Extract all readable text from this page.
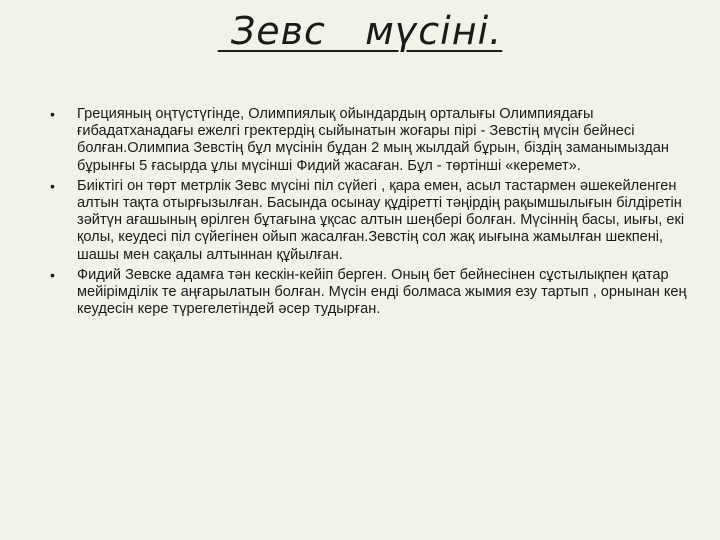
Зевс   мүсіні.
• Грецияның оңтүстүгінде, Олимпиялық ойындардың орталығы Олимпиядағы ғибадатханадағы ежелгі гректердің сыйынатын жоғары пірі - Зевстің мүсін бейнесі болған.Олимпиа Зевстің бұл мүсінін бұдан 2 мың жылдай бұрын, біздің заманымыздан бұрынғы 5 ғасырда ұлы мүсінші Фидий жасаған. Бұл - төртінші «керемет».
• Биіктігі он төрт метрлік Зевс мүсіні піл сүйегі , қара емен, асыл тастармен әшекейленген алтын тақта отырғызылған. Басында осынау құдіретті тәңірдің рақымшылығын білдіретін зәйтүн ағашының өрілген бұтағына ұқсас алтын шеңбері болған. Мүсіннің басы, иығы, екі қолы, кеудесі піл сүйегінен ойып жасалған.Зевстің сол жақ иығына жамылған шекпені, шашы мен сақалы алтыннан құйылған.
• Фидий Зевске адамға тән кескін-кейіп берген. Оның бет бейнесінен сұстылықпен қатар мейірімділік те аңғарылатын болған. Мүсін енді болмаса жымия езу тартып , орнынан кең кеудесін кере түрегелетіндей әсер тудырған.
